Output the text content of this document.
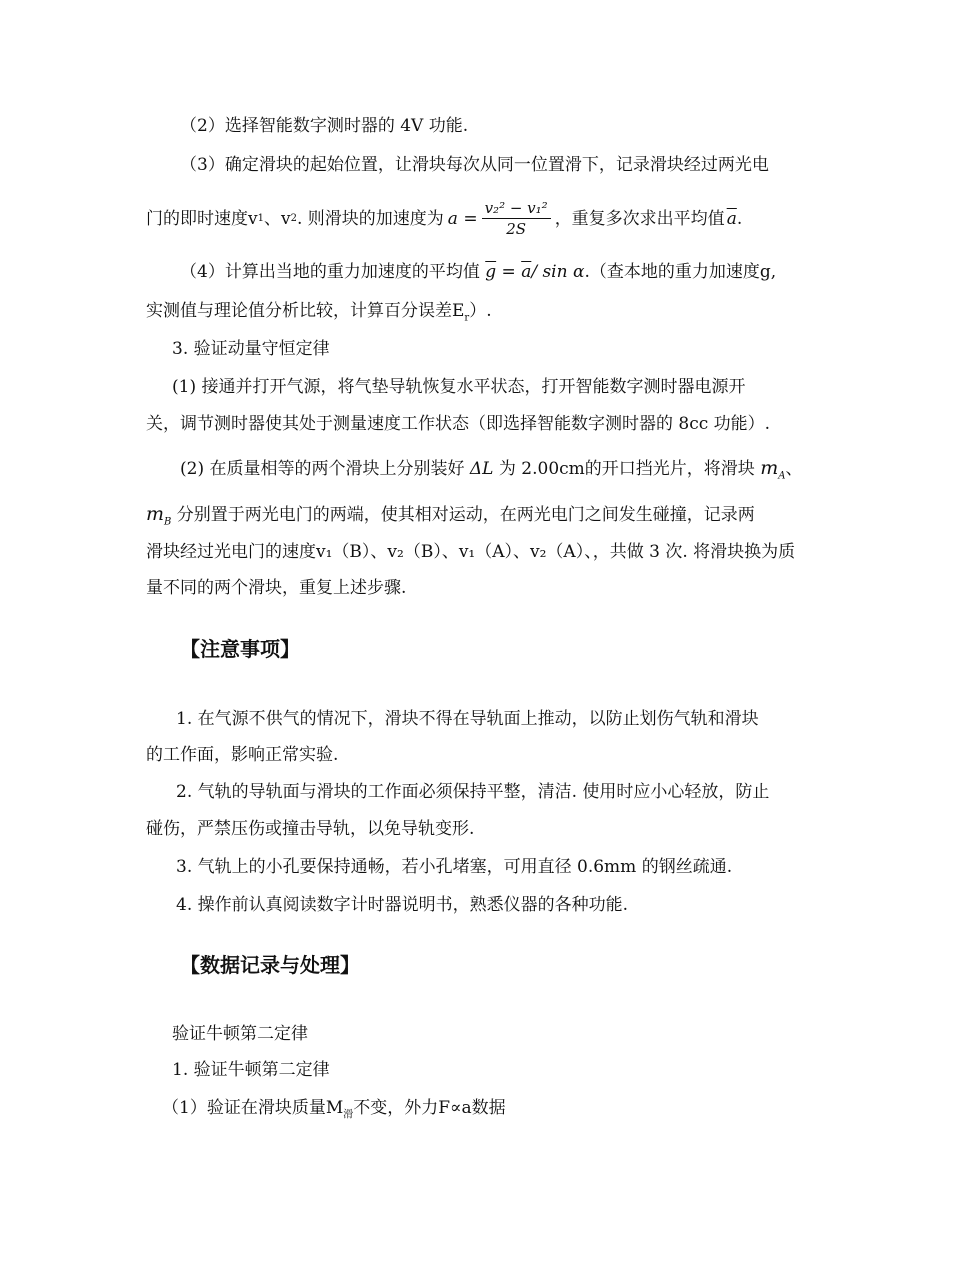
（2）选择智能数字测时器的 4V 功能.
（3）确定滑块的起始位置，让滑块每次从同一位置滑下，记录滑块经过两光电
门的即时速度v 1 、v 2 . 则滑块的加速度为 $a = \frac{\text{v₂² − v₁²}}{2S}$ ，重复多次求出平均值 $\overline{a}$ .
（4）计算出当地的重力加速度的平均值 $\overline{g} = \overline{a}/$ sin α.（查本地的重力加速度g,
实测值与理论值分析比较，计算百分误差$E_r$）.
3. 验证动量守恒定律
(1) 接通并打开气源，将气垫导轨恢复水平状态，打开智能数字测时器电源开
关，调节测时器使其处于测量速度工作状态（即选择智能数字测时器的 8cc 功能）.
(2) 在质量相等的两个滑块上分别装好 ΔL 为 2.00cm的开口挡光片，将滑块 $m_A$、
$m_B$ 分别置于两光电门的两端，使其相对运动，在两光电门之间发生碰撞，记录两
滑块经过光电门的速度v₁（B）、v₂（B）、v₁（A）、v₂（A）、，共做 3 次. 将滑块换为质
量不同的两个滑块，重复上述步骤.
【注意事项】
1. 在气源不供气的情况下，滑块不得在导轨面上推动，以防止划伤气轨和滑块
的工作面，影响正常实验.
2. 气轨的导轨面与滑块的工作面必须保持平整，清洁. 使用时应小心轻放，防止
碰伤，严禁压伤或撞击导轨，以免导轨变形.
3. 气轨上的小孔要保持通畅，若小孔堵塞，可用直径 0.6mm 的钢丝疏通.
4. 操作前认真阅读数字计时器说明书，熟悉仪器的各种功能.
【数据记录与处理】
验证牛顿第二定律
1. 验证牛顿第二定律
（1）验证在滑块质量$M_滑$不变，外力F∝a数据
